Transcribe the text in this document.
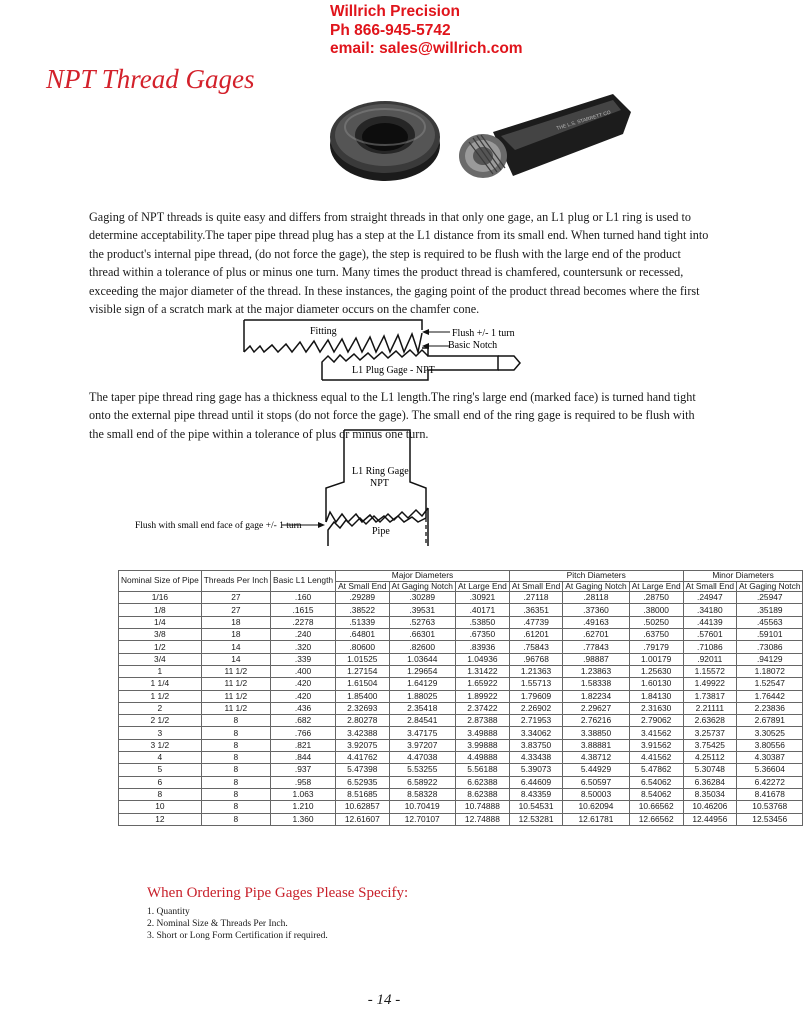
Willrich Precision
Ph 866-945-5742
email: sales@willrich.com
NPT Thread Gages
THE L.S. STARRETT CO

Gaging of NPT threads is quite easy and differs from straight threads in that only one gage, an L1 plug or L1 ring is used to determine acceptability.The taper pipe thread plug has a step at the L1 distance from its small end. When turned hand tight into the product's internal pipe thread, (do not force the gage), the step is required to be flush with the large end of the product thread within a tolerance of plus or minus one turn. Many times the product thread is chamfered, countersunk or recessed, exceeding the major diameter of the thread. In these instances, the gaging point of the product thread becomes where the first visible sign of a scratch mark at the major diameter occurs on the chamfer cone.

Fitting	Flush +/- 1 turn
Basic Notch
L1 Plug Gage - NPT

The taper pipe thread ring gage has a thickness equal to the L1 length.The ring's large end (marked face) is turned hand tight onto the external pipe thread until it stops (do not force the gage). The small end of the ring gage is required to be flush with the small end of the pipe within a tolerance of plus or minus one turn.

L1 Ring Gage
NPT
Flush with small end face of gage +/- 1 turn	Pipe
Nominal Size of Pipe	Threads Per Inch	Basic L1 Length	Major Diameters			Pitch Diameters			Minor Diameters	
			At Small End	At Gaging Notch	At Large End	At Small End	At Gaging Notch	At Large End	At Small End	At Gaging Notch
1/16	27	.160	.29289	.30289	.30921	.27118	.28118	.28750	.24947	.25947
1/8	27	.1615	.38522	.39531	.40171	.36351	.37360	.38000	.34180	.35189
1/4	18	.2278	.51339	.52763	.53850	.47739	.49163	.50250	.44139	.45563
3/8	18	.240	.64801	.66301	.67350	.61201	.62701	.63750	.57601	.59101
1/2	14	.320	.80600	.82600	.83936	.75843	.77843	.79179	.71086	.73086
3/4	14	.339	1.01525	1.03644	1.04936	.96768	.98887	1.00179	.92011	.94129
1	11 1/2	.400	1.27154	1.29654	1.31422	1.21363	1.23863	1.25630	1.15572	1.18072
1 1/4	11 1/2	.420	1.61504	1.64129	1.65922	1.55713	1.58338	1.60130	1.49922	1.52547
1 1/2	11 1/2	.420	1.85400	1.88025	1.89922	1.79609	1.82234	1.84130	1.73817	1.76442
2	11 1/2	.436	2.32693	2.35418	2.37422	2.26902	2.29627	2.31630	2.21111	2.23836
2 1/2	8	.682	2.80278	2.84541	2.87388	2.71953	2.76216	2.79062	2.63628	2.67891
3	8	.766	3.42388	3.47175	3.49888	3.34062	3.38850	3.41562	3.25737	3.30525
3 1/2	8	.821	3.92075	3.97207	3.99888	3.83750	3.88881	3.91562	3.75425	3.80556
4	8	.844	4.41762	4.47038	4.49888	4.33438	4.38712	4.41562	4.25112	4.30387
5	8	.937	5.47398	5.53255	5.56188	5.39073	5.44929	5.47862	5.30748	5.36604
6	8	.958	6.52935	6.58922	6.62388	6.44609	6.50597	6.54062	6.36284	6.42272
8	8	1.063	8.51685	8.58328	8.62388	8.43359	8.50003	8.54062	8.35034	8.41678
10	8	1.210	10.62857	10.70419	10.74888	10.54531	10.62094	10.66562	10.46206	10.53768
12	8	1.360	12.61607	12.70107	12.74888	12.53281	12.61781	12.66562	12.44956	12.53456
When Ordering Pipe Gages Please Specify:
1. Quantity
2. Nominal Size & Threads Per Inch.
3. Short or Long Form Certification if required.
- 14 -
